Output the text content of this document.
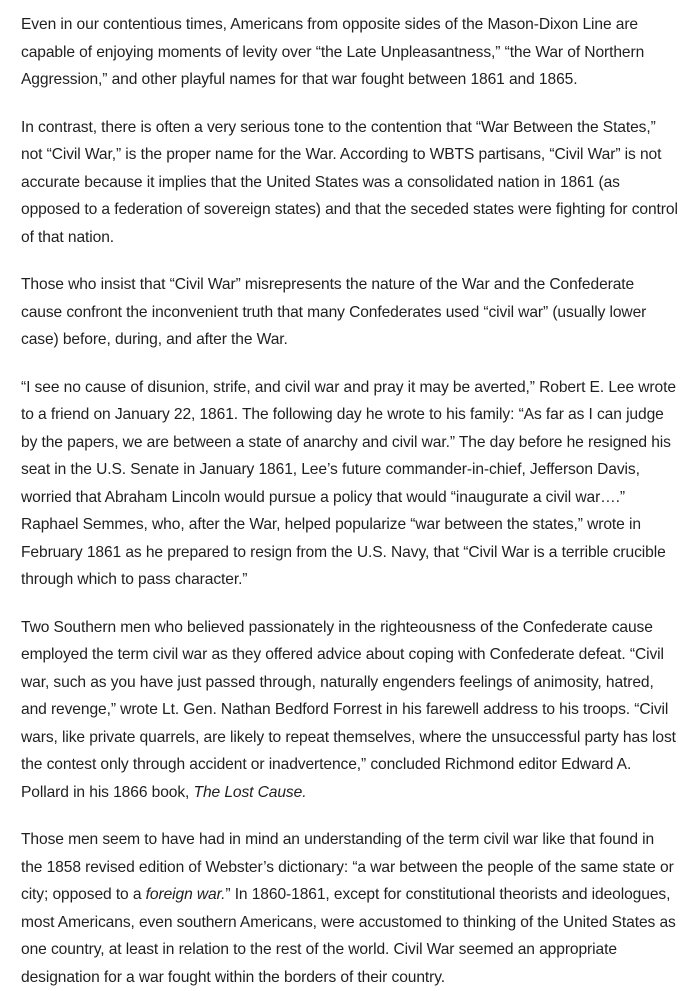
Even in our contentious times, Americans from opposite sides of the Mason-Dixon Line are capable of enjoying moments of levity over “the Late Unpleasantness,” “the War of Northern Aggression,” and other playful names for that war fought between 1861 and 1865.

In contrast, there is often a very serious tone to the contention that “War Between the States,” not “Civil War,” is the proper name for the War. According to WBTS partisans, “Civil War” is not accurate because it implies that the United States was a consolidated nation in 1861 (as opposed to a federation of sovereign states) and that the seceded states were fighting for control of that nation.

Those who insist that “Civil War” misrepresents the nature of the War and the Confederate cause confront the inconvenient truth that many Confederates used “civil war” (usually lower case) before, during, and after the War.

“I see no cause of disunion, strife, and civil war and pray it may be averted,” Robert E. Lee wrote to a friend on January 22, 1861. The following day he wrote to his family: “As far as I can judge by the papers, we are between a state of anarchy and civil war.” The day before he resigned his seat in the U.S. Senate in January 1861, Lee’s future commander-in-chief, Jefferson Davis, worried that Abraham Lincoln would pursue a policy that would “inaugurate a civil war….” Raphael Semmes, who, after the War, helped popularize “war between the states,” wrote in February 1861 as he prepared to resign from the U.S. Navy, that “Civil War is a terrible crucible through which to pass character.”

Two Southern men who believed passionately in the righteousness of the Confederate cause employed the term civil war as they offered advice about coping with Confederate defeat. “Civil war, such as you have just passed through, naturally engenders feelings of animosity, hatred, and revenge,” wrote Lt. Gen. Nathan Bedford Forrest in his farewell address to his troops. “Civil wars, like private quarrels, are likely to repeat themselves, where the unsuccessful party has lost the contest only through accident or inadvertence,” concluded Richmond editor Edward A. Pollard in his 1866 book, The Lost Cause.

Those men seem to have had in mind an understanding of the term civil war like that found in the 1858 revised edition of Webster’s dictionary: “a war between the people of the same state or city; opposed to a foreign war.” In 1860-1861, except for constitutional theorists and ideologues, most Americans, even southern Americans, were accustomed to thinking of the United States as one country, at least in relation to the rest of the world. Civil War seemed an appropriate designation for a war fought within the borders of their country.
